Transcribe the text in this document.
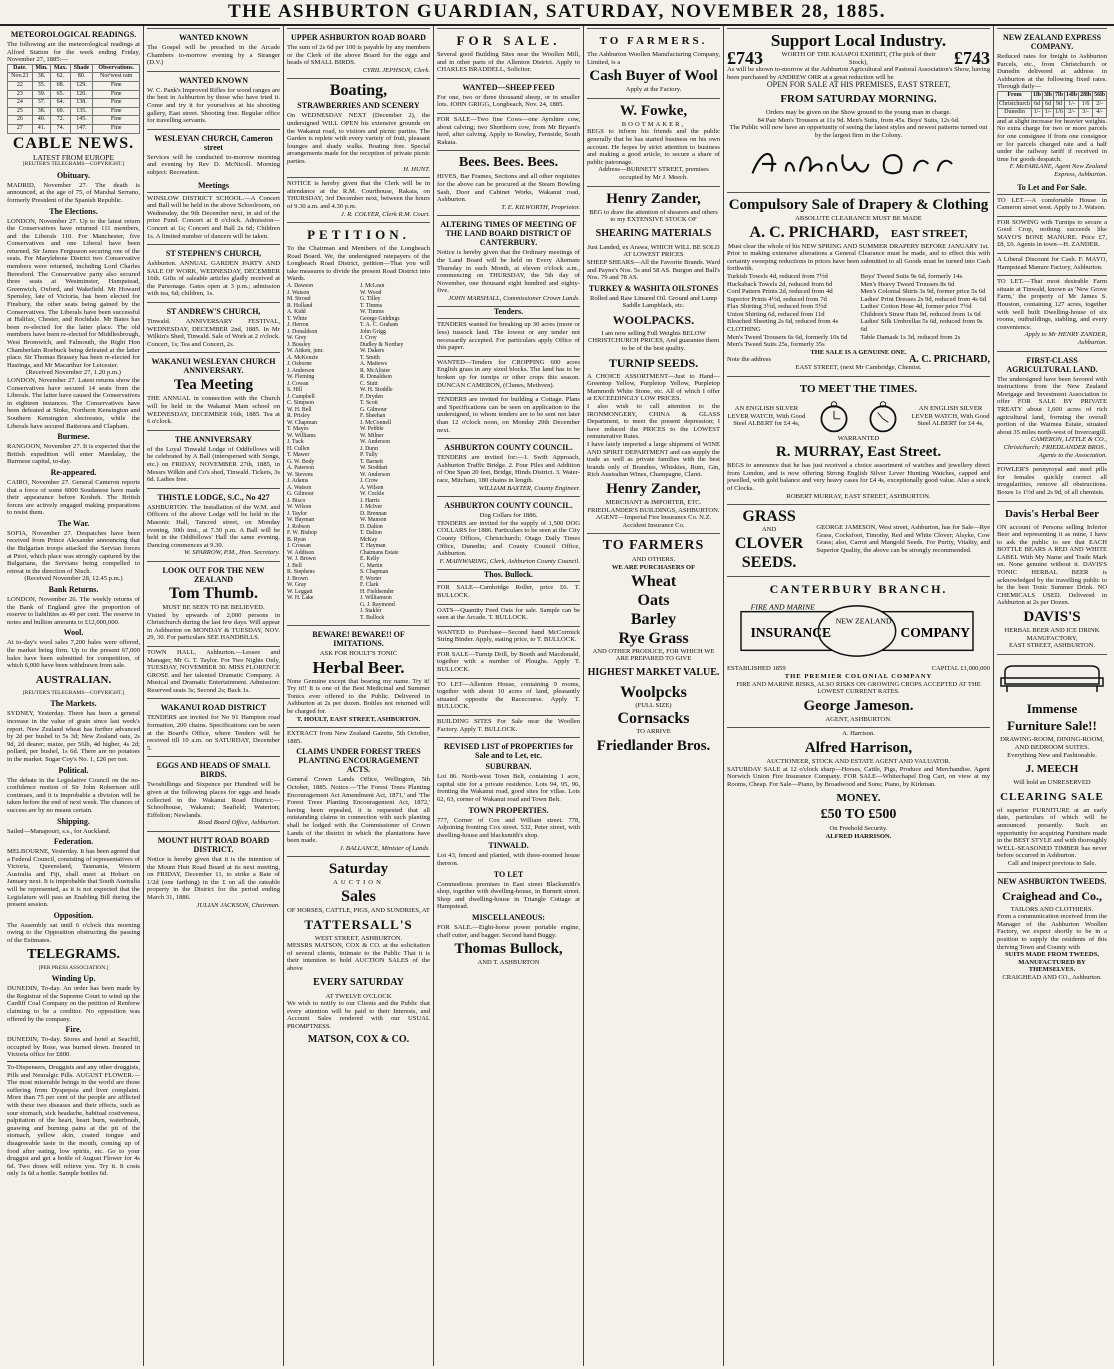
THE ASHBURTON GUARDIAN, SATURDAY, NOVEMBER 28, 1885.
METEOROLOGICAL READINGS.
The following are the meteorological readings at Alford Station for the week ending Friday, November 27, 1885:—
Date.	Min.	Max.	Shade	Observations.
Nov.21	38.	62.	80.	Nor'west rain
22	35.	68.	129.	Fine
23	39.	65.	120.	Fine
24	37.	64.	138.	Fine
25	38.	69.	135.	Fine
26	40.	72.	145.	Fine
27	41.	74.	147.	Fine
CABLE NEWS.
LATEST FROM EUROPE
[REUTER'S TELEGRAMS—COPYRIGHT.]
Obituary.
MADRID, November 27. The death is announced, at the age of 75, of Marshal Serrano, formerly President of the Spanish Republic.
The Elections.
LONDON, November 27. Up to the latest return the Conservatives have returned 111 members, and the Liberals 110. For Manchester, five Conservatives and one Liberal have been returned, Sir James Fergusson securing one of the seats. For Marylebone District two Conservative members were returned, including Lord Charles Beresford. The Conservative party also secured three seats at Westminster, Hampstead, Greenwich, Oxford, and Wakefield. Mr Howard Spensley, late of Victoria, has been elected for Finsbury, the other seats being gained by the Conservatives. The Liberals have been successful at Halifax, Chester, and Rochdale. Mr Bates has been re-elected for the latter place. The old members have been re-elected for Middlesbrough, West Bromwich, and Falmouth, the Right Hon Chamberlain Roebuck being defeated at the latter place. Sir Thomas Brassey has been re-elected for Hastings, and Mr Macarthur for Leicester.
(Received November 27, 1.20 p.m.)
LONDON, November 27. Latest returns show the Conservatives have secured 14 seats from the Liberals. The latter have caused the Conservatives in eighteen instances. The Conservatives have been defeated at Stoke, Northern Kensington and Southern Kensington electorates, while the Liberals have secured Battersea and Clapham.
Burmese.
RANGOON, November 27. It is expected that the British expedition will enter Mandalay, the Burmese capital, to-day.
Re-appeared.
CAIRO, November 27. General Cameron reports that a force of some 6000 Soudanese have made their appearance before Kosheh. The British forces are actively engaged making preparations to resist them.
The War.
SOFIA, November 27. Despatches have been received from Prince Alexander announcing that the Bulgarian troops attacked the Servian forces at Pirot, which place was strongly captured by the Bulgarians, the Servians being compelled to retreat in the direction of Nisch.
(Received November 28, 12.45 p.m.)
Bank Returns.
LONDON, November 26. The weekly returns of the Bank of England give the proportion of reserve to liabilities as 49 per cent. The reserve in notes and bullion amounts to £12,000,000.
Wool.
At to-day's wool sales 7,200 bales were offered, the market being firm. Up to the present 67,000 bales have been submitted for competition, of which 6,000 have been withdrawn from sale.
AUSTRALIAN.
[REUTER'S TELEGRAMS—COPYRIGHT.]
The Markets.
SYDNEY, Yesterday. There has been a general increase in the value of grain since last week's report. New Zealand wheat has further advanced by 2d per bushel to 5s 3d; New Zealand oats, 2s 9d, 2d dearer; maize, per 56lb, 4d higher, 4s 2d; pollard, per bushel, 1s 6d. There are no potatoes in the market. Sugar Coy's No. 1, £26 per ton.
Political.
The debate in the Legislative Council on the no-confidence motion of Sir John Robertson still continues, and it is improbable a division will be taken before the end of next week. The chances of success are by no means certain.
Shipping.
Sailed—Manapouri, s.s., for Auckland.
Federation.
MELBOURNE, Yesterday. It has been agreed that a Federal Council, consisting of representatives of Victoria, Queensland, Tasmania, Western Australia and Fiji, shall meet at Hobart on January next. It is improbable that South Australia will be represented, as it is not expected that the Legislature will pass an Enabling Bill during the present session.
Opposition.
The Assembly sat until 6 o'clock this morning owing to the Opposition obstructing the passing of the Estimates.
TELEGRAMS.
[PER PRESS ASSOCIATION.]
Winding Up.
DUNEDIN, To-day. An order has been made by the Registrar of the Supreme Court to wind up the Cardiff Coal Company on the petition of Renfrew claiming to be a creditor. No opposition was offered by the company.
Fire.
DUNEDIN, To-day. Stores and hotel at Seacliff, occupied by Rose, was burned down. Insured in Victoria office for £800.
To-Dispensers, Druggists and any other druggists, Pills and Neuralgic Pills. AUGUST FLOWER.—The most miserable beings in the world are those suffering from Dyspepsia and liver complaint. More than 75 per cent of the people are afflicted with these two diseases and their effects, such as sour stomach, sick headache, habitual costiveness, palpitation of the heart, heart burn, waterbrash, gnawing and burning pains at the pit of the stomach, yellow skin, coated tongue and disagreeable taste in the mouth, coming up of food after eating, low spirits, etc. Go to your druggist and get a bottle of August Flower for 4s 6d. Two doses will relieve you. Try it. It costs only 1s 6d a bottle. Sample bottles 6d.
WANTED KNOWN
The Gospel will be preached in the Arcade Chambers to-morrow evening by a Stranger (D.V.)
WANTED KNOWN
W. C. Pank's Improved Rifles for wood ranges are the best in Ashburton by those who have tried it. Come and try it for yourselves at his shooting gallery, East street. Shooting free. Regular office for travelling servants.
WESLEYAN CHURCH, Cameron street
Services will be conducted to-morrow morning and evening by Rev D. McNicoll. Morning subject: Recreation.
Meetings
WINSLOW DISTRICT SCHOOL.—A Concert and Ball will be held in the above Schoolroom, on Wednesday, the 9th December next, in aid of the prize Fund. Concert at 8 o'clock. Admission—Concert at 1s; Concert and Ball 2s 6d; Children 1s. A limited number of dancers will be taken.
ST STEPHEN'S CHURCH,
Ashburton. ANNUAL GARDEN PARTY AND SALE OF WORK, WEDNESDAY, DECEMBER 16th. Gifts of saleable articles gladly received at the Parsonage. Gates open at 3 p.m.; admission with tea, 6d; children, 1s.
ST ANDREW'S CHURCH,
Tinwald. ANNIVERSARY FESTIVAL, WEDNESDAY, DECEMBER 2nd, 1885. In Mr Wilkin's Shed, Tinwald. Sale of Work at 2 o'clock. Concert, 1s; Tea and Concert, 2s.
WAKANUI WESLEYAN CHURCH ANNIVERSARY.
Tea Meeting
THE ANNUAL in connection with the Church will be held in the Wakanui Main school on WEDNESDAY, DECEMBER 16th, 1885. Tea at 6 o'clock.
THE ANNIVERSARY
of the Loyal Tinwald Lodge of Oddfellows will be celebrated by A Ball (interspersed with Songs, etc.) on FRIDAY, NOVEMBER 27th, 1885, in Messrs Wilkin and Co's shed, Tinwald. Tickets, 3s 6d. Ladies free.
THISTLE LODGE, S.C., No 427
ASHBURTON. The Installation of the W.M. and Officers of the above Lodge will be held in the Masonic Hall, Tancred street, on Monday evening, 30th inst., at 7.30 p.m. A Ball will be held in the Oddfellows' Hall the same evening. Dancing commences at 9.30.
W. SPARROW, P.M., Hon. Secretary.
LOOK OUT FOR THE NEW ZEALAND
Tom Thumb.
MUST BE SEEN TO BE BELIEVED.
Visited by upwards of 2,000 persons in Christchurch during the last few days. Will appear in Ashburton on MONDAY & TUESDAY, NOV. 29, 30. For particulars SEE HANDBILLS.
TOWN HALL, Ashburton.—Lessee and Manager, Mr G. T. Taylor. For Two Nights Only, TUESDAY, NOVEMBER 30. MISS FLORENCE GROSE and her talented Dramatic Company. A Musical and Dramatic Entertainment. Admission: Reserved seats 3s; Second 2s; Back 1s.
WAKANUI ROAD DISTRICT
TENDERS are invited for No 91 Hampton road formation, 200 chains. Specifications can be seen at the Board's Office, where Tenders will be received till 10 a.m. on SATURDAY, December 5.
EGGS AND HEADS OF SMALL BIRDS.
Twoshillings and Sixpence per Hundred will be given at the following places for eggs and heads collected in the Wakanui Road District:—Schoolhouse, Wakanui; Seafield; Waterton; Eiffelton; Newlands.
Road Board Office, Ashburton.
MOUNT HUTT ROAD BOARD DISTRICT.
Notice is hereby given that it is the intention of the Mount Hutt Road Board at its next meeting, on FRIDAY, December 11, to strike a Rate of 1/2d (one farthing) in the £ on all the rateable property in the District for the period ending March 31, 1886.
JULIAN JACKSON, Chairman.
UPPER ASHBURTON ROAD BOARD
The sum of 2s 6d per 100 is payable by any members or the Clerk of the above Board for the eggs and heads of SMALL BIRDS.
CYRIL JEPHSON, Clerk.
Boating,
STRAWBERRIES AND SCENERY
On WEDNESDAY NEXT (December 2), the undersigned WILL OPEN his extensive grounds on the Wakanui road, to visitors and picnic parties. The Garden is replete with every variety of fruit, pleasant lounges and shady walks. Boating free. Special arrangements made for the reception of private picnic parties.
H. HUNT.
NOTICE is hereby given that the Clerk will be in attendance at the R.M. Courthouse, Rakaia, on THURSDAY, 3rd December next, between the hours of 9.30 a.m. and 4.30 p.m.
J. R. COLYER, Clerk R.M. Court.
PETITION.
To the Chairman and Members of the Longbeach Road Board. We, the undersigned ratepayers of the Longbeach Road District, petition—That you will take measures to divide the present Road District into Wards.
A. Dawson
J. Watson
M. Stroud
R. Holland
A. Kidd
T. White
J. Herron
J. Donaldson
W. Grey
J. Bossley
W. Aitken, junr.
A. McKenzie
J. Osborne
J. Anderson
W. Fleming
J. Cowan
S. Hill
J. Campbell
C. Simpson
W. H. Bell
R. Prisley
W. Chapman
T. Mayes
W. Williams
J. Tuck
H. Cullen
T. Mawer
G. W. Body
A. Paterson
W. Stevens
J. Adams
A. Watson
G. Gilmour
J. Bisco
W. Wilson
J. Taylor
W. Bayman
J. Robson
F. W. Bishop
B. Ryan
J. Crossan
W. Addison
W. J. Brown
J. Bell
R. Stephens
J. Brown
W. Gray
W. Leggatt
W. H. Lake
J. McLean
W. Wood
G. Tilley
T. Timms
W. Timms
George Giddings
T. A. C. Graham
John Grigg
J. Croy
Dudley & Northey
W. Dakers
T. Smith
A. Mattews
R. McAlister
R. Donaldson
C. Stutt
W. H. Stoddle
F. Dryden
T. Scott
G. Gilmour
F. Sheehan
J. McConnell
W. Pebble
W. Milner
W. Anderson
J. Dunn
P. Tully
T. Barnett
W. Stoddart
W. Anderson
J. Crow
A. Wilson
W. Cockle
J. Harris
J. McIver
D. Brennan
W. Manson
D. Dalton
T. Dalton
McKay
T. Hayman
Chatmans Estate
E. Kelly
C. Martin
S. Chapman
F. Worter
F. Clark
H. Fieldsender
J. Williamson
G. J. Raymond
J. Stakler
T. Bullock
BEWARE! BEWARE!! OF IMITATIONS.
ASK FOR HOULT'S TONIC
Herbal Beer.
None Genuine except that bearing my name. Try it! Try it!! It is one of the Best Medicinal and Summer Tonics ever offered to the Public. Delivered in Ashburton at 2s per dozen. Bottles not returned will be charged for.
T. HOULT, EAST STREET, ASHBURTON.
EXTRACT from New Zealand Gazette, 5th October, 1885.
CLAIMS UNDER FOREST TREES PLANTING ENCOURAGEMENT ACTS.
General Crown Lands Office, Wellington, 5th October, 1885. Notice.—'The Forest Trees Planting Encouragement Act Amendment Act, 1871,' and 'The Forest Trees Planting Encouragement Act, 1872,' having been repealed, it is requested that all outstanding claims in connection with such planting shall be lodged with the Commissioner of Crown Lands of the district in which the plantations have been made.
J. BALLANCE, Minister of Lands.
Saturday
AUCTION
Sales
OF HORSES, CATTLE, PIGS, AND SUNDRIES, AT
TATTERSALL'S
WEST STREET, ASHBURTON.
MESSRS MATSON, COX & CO. at the solicitation of several clients, intimate to the Public That it is their intention to hold AUCTION SALES of the above
EVERY SATURDAY
AT TWELVE O'CLOCK
We wish to notify to our Clients and the Public that every attention will be paid to their Interests, and Account Sales rendered with our USUAL PROMPTNESS.
MATSON, COX & CO.
FOR SALE.
Several good Building Sites near the Woollen Mill, and in other parts of the Allenton District. Apply to CHARLES BRADDELL, Solicitor.
WANTED—SHEEP FEED
For one, two or three thousand sheep, or in smaller lots. JOHN GRIGG, Longbeach, Nov. 24, 1885.
FOR SALE—Two fine Cows—one Ayrshire cow, about calving; two Shorthorn cow, from Mr Bryant's herd, after calving. Apply to Rowley, Fernside, South Rakaia.
Bees. Bees. Bees.
HIVES, Bar Frames, Sections and all other requisites for the above can be procured at the Steam Bowling Sash, Door and Cabinet Works, Wakanui road, Ashburton.
T. E. KILWORTH, Proprietor.
ALTERING TIMES OF MEETING OF THE LAND BOARD DISTRICT OF CANTERBURY.
Notice is hereby given that the Ordinary meetings of the Land Board will be held on Every Alternate Thursday in each Month, at eleven o'clock a.m., commencing on THURSDAY, the 5th day of November, one thousand eight hundred and eighty-five.
JOHN MARSHALL, Commissioner Crown Lands.
Tenders.
TENDERS wanted for breaking up 30 acres (more or less) tussock land. The lowest or any tender not necessarily accepted. For particulars apply Office of this paper.
WANTED—Tenders for CROPPING 600 acres English grass in any sized blocks. The land has to be broken up for turnips or other crops this season. DUNCAN CAMERON, (Clunes, Methven).
TENDERS are invited for building a Cottage. Plans and Specifications can be seen on application to the undersigned, to whom tenders are to be sent not later than 12 o'clock noon, on Monday 29th December next.
ASHBURTON COUNTY COUNCIL.
TENDERS are invited for:—1. Swift Approach, Ashburton Traffic Bridge. 2. Four Piles and Addition of One Span 20 feet, Bridge, Hinds District. 3. Water-race, Mitcham, 180 chains in length.
WILLIAM BAXTER, County Engineer.
ASHBURTON COUNTY COUNCIL.
Dog Collars for 1886.
TENDERS are invited for the supply of 1,500 DOG COLLARS for 1886. Particulars to be seen at the City County Offices, Christchurch; Otago Daily Times Office, Dunedin; and County Council Office, Ashburton.
F. MAINWARING, Clerk, Ashburton County Council.
Thos. Bullock.
FOR SALE—Cambridge Roller, price £6. T. BULLOCK.
OATS—Quantity Feed Oats for sale. Sample can be seen at the Arcade. T. BULLOCK.
WANTED to Purchase—Second hand McCormick String Binder. Apply, stating price, to T. BULLOCK.
FOR SALE—Turnip Drill, by Booth and Macdonald, together with a number of Ploughs. Apply T. BULLOCK.
TO LET—Allenton House, containing 9 rooms, together with about 10 acres of land, pleasantly situated opposite the Racecourse. Apply T. BULLOCK.
BUILDING SITES For Sale near the Woollen Factory. Apply T. BULLOCK.
REVISED LIST of PROPERTIES for Sale and to Let, etc.
SUBURBAN.
Lot 86. North-west Town Belt, containing 1 acre, capital site for a private residence. Lots 94, 95, 96, fronting the Wakanui road, good sites for villas. Lots 62, 63, corner of Wakanui road and Town Belt.
TOWN PROPERTIES.
777, Corner of Cox and William street. 778, Adjoining fronting Cox street. 532, Peter street, with dwelling-house and blacksmith's shop.
TINWALD.
Lot 43, fenced and planted, with three-roomed house thereon.
TO LET
Commodious premises in East street Blacksmith's shop, together with dwelling-house, in Burnett street. Shop and dwelling-house in Triangle Cottage at Hampstead.
MISCELLANEOUS:
FOR SALE.—Eight-horse power portable engine, chaff cutter, and bagger. Second hand Buggy.
Thomas Bullock,
AND T. ASHBURTON
TO FARMERS.
The Ashburton Woollen Manufacturing Company, Limited, is a
Cash Buyer of Wool
Apply at the Factory.
W. Fowke,
BOOTMAKER,
BEGS to inform his friends and the public generally that he has started business on his own account. He hopes by strict attention to business and making a good article, to secure a share of public patronage.
Address—BURNETT STREET, premises occupied by Mr J. Meech.
Henry Zander,
BEG to draw the attention of shearers and others to my EXTENSIVE STOCK OF
SHEARING MATERIALS
Just Landed, ex Arawa, WHICH WILL BE SOLD AT LOWEST PRICES
SHEEP SHEARS—All the Favorite Brands. Ward and Payne's Nos. 5s and 58 AS. Burgon and Ball's Nos. 79 and 78 AS.
TURKEY & WASHITA OILSTONES
Rolled and Raw Linseed Oil. Ground and Lump Saddle Lampblack, etc.
WOOLPACKS.
I am now selling Full Weights BELOW CHRISTCHURCH PRICES, And guarantee them to be of the best quality.
TURNIP SEEDS.
A CHOICE ASSORTMENT—Just to Hand—Greentop Yellow, Purpletop Yellow, Purpletop Mammoth White Stone, etc. All of which I offer at EXCEEDINGLY LOW PRICES.
I also wish to call attention to the IRONMONGERY, CHINA & GLASS Department, to meet the present depression; I have reduced the PRICES to the LOWEST remunerative Rates.
I have lately imported a large shipment of WINE AND SPIRIT DEPARTMENT and can supply the trade as well as private families with the best brands only of Brandies, Whiskies, Rum, Gin, Rich Australian Wines, Champagne, Claret.
Henry Zander,
MERCHANT & IMPORTER, ETC. FRIEDLANDER'S BUILDINGS, ASHBURTON.
AGENT—Imperial Fire Insurance Co. N.Z. Accident Insurance Co.
TO FARMERS
AND OTHERS.
WE ARE PURCHASERS OF
Wheat
Oats
Barley
Rye Grass
AND OTHER PRODUCE, FOR WHICH WE ARE PREPARED TO GIVE
HIGHEST MARKET VALUE.
Woolpcks
(FULL SIZE)
Cornsacks
TO ARRIVE
Friedlander Bros.
Support Local Industry.
£743	WORTH OF THE KAIAPOI EXHIBIT, (The pick of their Stock),	£743
As will be shown to-morrow at the Ashburton Agricultural and Pastoral Association's Show, having been purchased by ANDREW ORR at a great reduction will be
OPEN FOR SALE AT HIS PREMISES, EAST STREET,
FROM SATURDAY MORNING.
Orders may be given on the Show ground to the young man in charge.
84 Pair Men's Trousers at 11s 9d. Men's Suits, from 45s. Boys' Suits, 12s 6d.
The Public will now have an opportunity of seeing the latest styles and newest patterns turned out by the largest firm in the Colony.
Compulsory Sale of Drapery & Clothing
ABSOLUTE CLEARANCE MUST BE MADE
A. C. PRICHARD, EAST STREET,
Must clear the whole of his NEW SPRING AND SUMMER DRAPERY BEFORE JANUARY 1st.
Prior to making extensive alterations a General Clearance must be made, and to effect this with certainty sweeping reductions in prices have been submitted to all Goods must be turned into Cash forthwith.
Turkish Towels 4d, reduced from 7½d
Huckaback Towels 2d, reduced from 6d
Cord Pattern Prints 2d, reduced from 4d
Superior Prints 4½d, reduced from 7d
Flax Shirting 3½d, reduced from 5½d
Union Shirting 6d, reduced from 11d
Bleached Sheeting 2s 6d, reduced from 4s
CLOTHING
Men's Tweed Trousers 6s 6d, formerly 10s 6d
Men's Tweed Suits 25s, formerly 35s
Boys' Tweed Suits 9s 6d, formerly 14s
Men's Heavy Tweed Trousers 8s 6d
Men's Colonial Shirts 3s 9d, former price 5s 6d
Ladies' Print Dresses 2s 9d, reduced from 4s 6d
Ladies' Cotton Hose 4d, former price 7½d
Children's Straw Hats 9d, reduced from 1s 6d
Ladies' Silk Umbrellas 5s 6d, reduced from 9s 6d
Table Damask 1s 3d, reduced from 2s
THE SALE IS A GENUINE ONE.
Note the address	A. C. PRICHARD,
EAST STREET, (next Mr Cambridge, Chemist.
TO MEET THE TIMES.
AN ENGLISH SILVER LEVER WATCH, With Good Steel ALBERT for £4 4s,
AN ENGLISH SILVER LEVER WATCH, With Good Steel ALBERT for £4 4s,
WARRANTED
R. MURRAY, East Street.
BEGS to announce that he has just received a choice assortment of watches and jewellery direct from London, and is now offering Strong English Silver Lever Hunting Watches, capped and jewelled, with gold balance and very heavy cases for £4 4s, exceptionally good value. Also a stock of Clocks.
ROBERT MURRAY, EAST STREET, ASHBURTON.
GRASS
AND
CLOVER
SEEDS.
GEORGE JAMESON, West street, Ashburton, has for Sale—Rye Grass, Cocksfoot, Timothy, Red and White Clover; Alsyke, Cow Grass; also, Carrot and Mangold Seeds. For Purity, Vitality, and Superior Quality, the above can be strongly recommended.
CANTERBURY BRANCH.
FIRE AND MARINE
NEW ZEALAND
INSURANCE	COMPANY
ESTABLISHED 1859	CAPITAL £1,000,000
THE PREMIER COLONIAL COMPANY
FIRE AND MARINE RISKS, ALSO RISKS ON GROWING CROPS ACCEPTED AT THE LOWEST CURRENT RATES.
George Jameson.
AGENT, ASHBURTON.
A. Harrison.
Alfred Harrison,
AUCTIONEER, STOCK AND ESTATE AGENT AND VALUATOR.
SATURDAY SALE at 12 o'clock sharp—Horses, Cattle, Pigs, Produce and Merchandise. Agent Norwich Union Fire Insurance Company. FOR SALE—Whitechapel Dog Cart, on view at my Rooms, Cheap. For Sale—Piano, by Broadwood and Sons; Piano, by Kirkman.
MONEY.
£50 TO £500
On Freehold Security.
ALFRED HARRISON.
NEW ZEALAND EXPRESS COMPANY.
Reduced rates for freight to Ashburton Parcels, etc., from Christchurch or Dunedin delivered at address in Ashburton at the following fixed rates. Through daily—
From	1lb	3lb	7lb	14lb	28lb	56lb
Christchurch	6d	6d	9d	1/-	1/6	2/-
Dunedin	1/-	1/-	1/6	2/-	3/-	4/-
and at slight increase for heavier weights. No extra charge for two or more parcels for one consignee if from one consignor or for parcels charged rate and a half under the railway tariff if received in time for goods despatch.
F. McFARLANE, Agent New Zealand Express, Ashburton.
To Let and For Sale.
TO LET.—A comfortable House in Cameron street west. Apply to J. Watson.
FOR SOWING with Turnips to secure a Good Crop, nothing succeeds like MAYO'S BONE MANURE. Price £7, £8, £6. Agents in town—H. ZANDER.
A Liberal Discount for Cash. F. MAYO, Hampstead Manure Factory, Ashburton.
TO LET.—That most desirable Farm situate at Tinwald, known as 'New Grove Farm,' the property of Mr James S. Houston, containing 127 acres, together with well built Dwelling-house of six rooms, outbuildings, stabling, and every convenience.
Apply to Mr HENRY ZANDER, Ashburton.
FIRST-CLASS AGRICULTURAL LAND.
The undersigned have been favored with instructions from the New Zealand Mortgage and Investment Association to offer FOR SALE BY PRIVATE TREATY about 1,600 acres of rich agricultural land, forming the overall portion of the Waimea Estate, situated about 35 miles north-west of Invercargill.
CAMERON, LITTLE & CO., Christchurch; FRIEDLANDER BROS., Agents to the Association.
FOWLER'S pennyroyal and steel pills for females quickly correct all irregularities, remove all obstructions. Boxes 1s 1½d and 2s 9d, of all chemists.
Davis's Herbal Beer
ON account of Persons selling Inferior Beer and representing it as mine, I have to ask the public to see that EACH BOTTLE BEARS A RED AND WHITE LABEL With My Name and Trade Mark on. None genuine without it. DAVIS'S TONIC HERBAL BEER is acknowledged by the travelling public to be the best Tonic Summer Drink. NO CHEMICALS USED. Delivered in Ashburton at 2s per Dozen.
DAVIS'S
HERBAL BEER AND ICE DRINK MANUFACTORY,
EAST STREET, ASHBURTON.
Immense
Furniture Sale!!
DRAWING-ROOM, DINING-ROOM, AND BEDROOM SUITES.
Everything New and Fashionable.
J. MEECH
Will hold an UNRESERVED
CLEARING SALE
of superior FURNITURE at an early date, particulars of which will be announced presently. Such an opportunity for acquiring Furniture made in the BEST STYLE and with thoroughly WELL-SEASONED TIMBER has never before occurred in Ashburton.
Call and inspect previous to Sale.
NEW ASHBURTON TWEEDS.
Craighead and Co.,
TAILORS AND CLOTHIERS.
From a communication received from the Manager of the Ashburton Woollen Factory, we expect shortly to be in a position to supply the residents of this thriving Town and County with
SUITS MADE FROM TWEEDS, MANUFACTURED BY THEMSELVES.
CRAIGHEAD AND CO., Ashburton.
